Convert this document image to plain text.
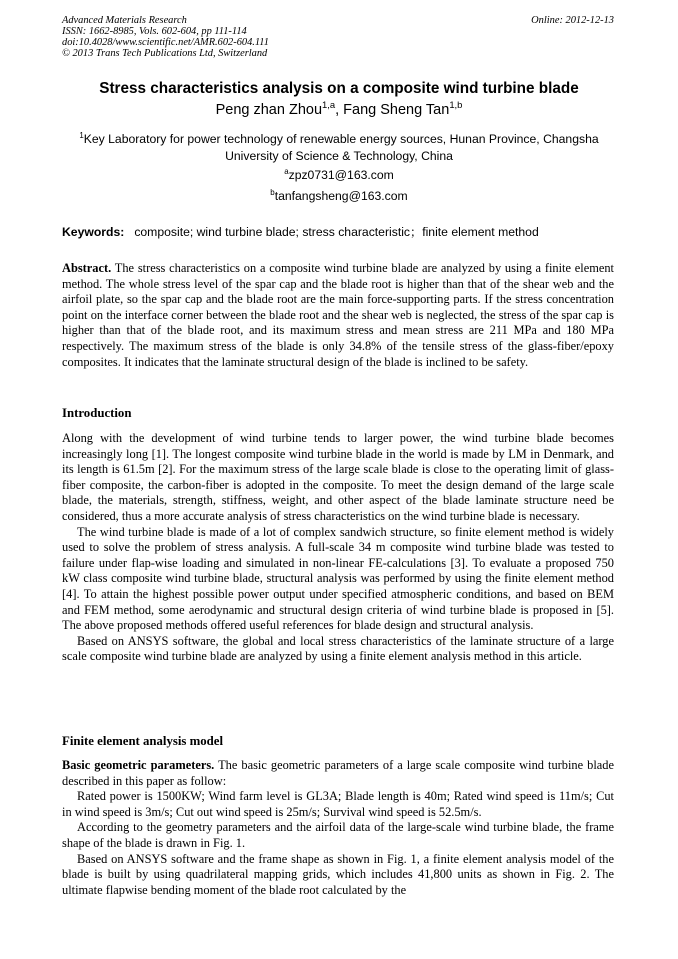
Advanced Materials Research
ISSN: 1662-8985, Vols. 602-604, pp 111-114
doi:10.4028/www.scientific.net/AMR.602-604.111
© 2013 Trans Tech Publications Ltd, Switzerland
Online: 2012-12-13
Stress characteristics analysis on a composite wind turbine blade
Peng zhan Zhou$^{1,a}$, Fang Sheng Tan$^{1,b}$
$^1$Key Laboratory for power technology of renewable energy sources, Hunan Province, Changsha University of Science & Technology, China
$^a$zpz0731@163.com
$^b$tanfangsheng@163.com
Keywords: composite; wind turbine blade; stress characteristic；finite element method

Abstract. The stress characteristics on a composite wind turbine blade are analyzed by using a finite element method. The whole stress level of the spar cap and the blade root is higher than that of the shear web and the airfoil plate, so the spar cap and the blade root are the main force-supporting parts. If the stress concentration point on the interface corner between the blade root and the shear web is neglected, the stress of the spar cap is higher than that of the blade root, and its maximum stress and mean stress are 211 MPa and 180 MPa respectively. The maximum stress of the blade is only 34.8% of the tensile stress of the glass-fiber/epoxy composites. It indicates that the laminate structural design of the blade is inclined to be safety.

Introduction

Along with the development of wind turbine tends to larger power, the wind turbine blade becomes increasingly long [1]. The longest composite wind turbine blade in the world is made by LM in Denmark, and its length is 61.5m [2]. For the maximum stress of the large scale blade is close to the operating limit of glass-fiber composite, the carbon-fiber is adopted in the composite. To meet the design demand of the large scale blade, the materials, strength, stiffness, weight, and other aspect of the blade laminate structure need be considered, thus a more accurate analysis of stress characteristics on the wind turbine blade is necessary.

The wind turbine blade is made of a lot of complex sandwich structure, so finite element method is widely used to solve the problem of stress analysis. A full-scale 34 m composite wind turbine blade was tested to failure under flap-wise loading and simulated in non-linear FE-calculations [3]. To evaluate a proposed 750 kW class composite wind turbine blade, structural analysis was performed by using the finite element method [4]. To attain the highest possible power output under specified atmospheric conditions, and based on BEM and FEM method, some aerodynamic and structural design criteria of wind turbine blade is proposed in [5]. The above proposed methods offered useful references for blade design and structural analysis.

Based on ANSYS software, the global and local stress characteristics of the laminate structure of a large scale composite wind turbine blade are analyzed by using a finite element analysis method in this article.

Finite element analysis model

Basic geometric parameters. The basic geometric parameters of a large scale composite wind turbine blade described in this paper as follow:

Rated power is 1500KW; Wind farm level is GL3A; Blade length is 40m; Rated wind speed is 11m/s; Cut in wind speed is 3m/s; Cut out wind speed is 25m/s; Survival wind speed is 52.5m/s.

According to the geometry parameters and the airfoil data of the large-scale wind turbine blade, the frame shape of the blade is drawn in Fig. 1.

Based on ANSYS software and the frame shape as shown in Fig. 1, a finite element analysis model of the blade is built by using quadrilateral mapping grids, which includes 41,800 units as shown in Fig. 2. The ultimate flapwise bending moment of the blade root calculated by the
